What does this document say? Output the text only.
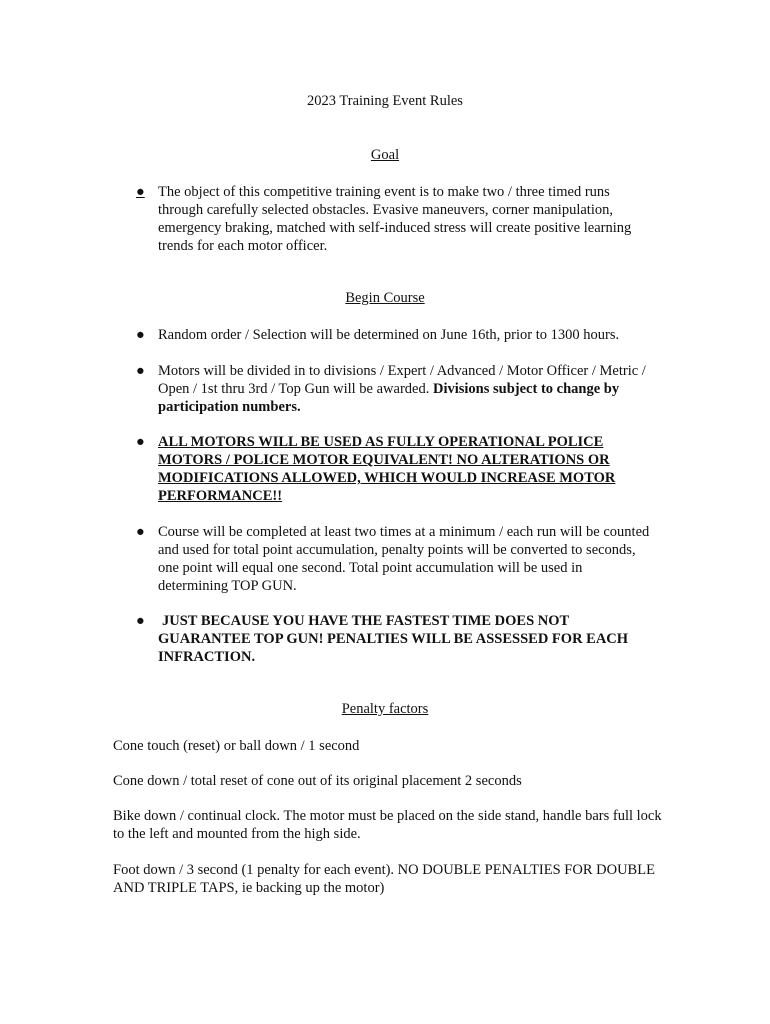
2023 Training Event Rules
Goal
● The object of this competitive training event is to make two / three timed runs through carefully selected obstacles. Evasive maneuvers, corner manipulation, emergency braking, matched with self-induced stress will create positive learning trends for each motor officer.
Begin Course
● Random order / Selection will be determined on June 16th, prior to 1300 hours.
● Motors will be divided in to divisions / Expert / Advanced / Motor Officer / Metric / Open / 1st thru 3rd / Top Gun will be awarded. Divisions subject to change by participation numbers.
● ALL MOTORS WILL BE USED AS FULLY OPERATIONAL POLICE MOTORS / POLICE MOTOR EQUIVALENT! NO ALTERATIONS OR MODIFICATIONS ALLOWED, WHICH WOULD INCREASE MOTOR PERFORMANCE!!
● Course will be completed at least two times at a minimum / each run will be counted and used for total point accumulation, penalty points will be converted to seconds, one point will equal one second. Total point accumulation will be used in determining TOP GUN.
●	JUST BECAUSE YOU HAVE THE FASTEST TIME DOES NOT GUARANTEE TOP GUN! PENALTIES WILL BE ASSESSED FOR EACH INFRACTION.
Penalty factors
Cone touch (reset) or ball down / 1 second
Cone down / total reset of cone out of its original placement 2 seconds
Bike down / continual clock. The motor must be placed on the side stand, handle bars full lock to the left and mounted from the high side.
Foot down / 3 second (1 penalty for each event). NO DOUBLE PENALTIES FOR DOUBLE AND TRIPLE TAPS, ie backing up the motor)
